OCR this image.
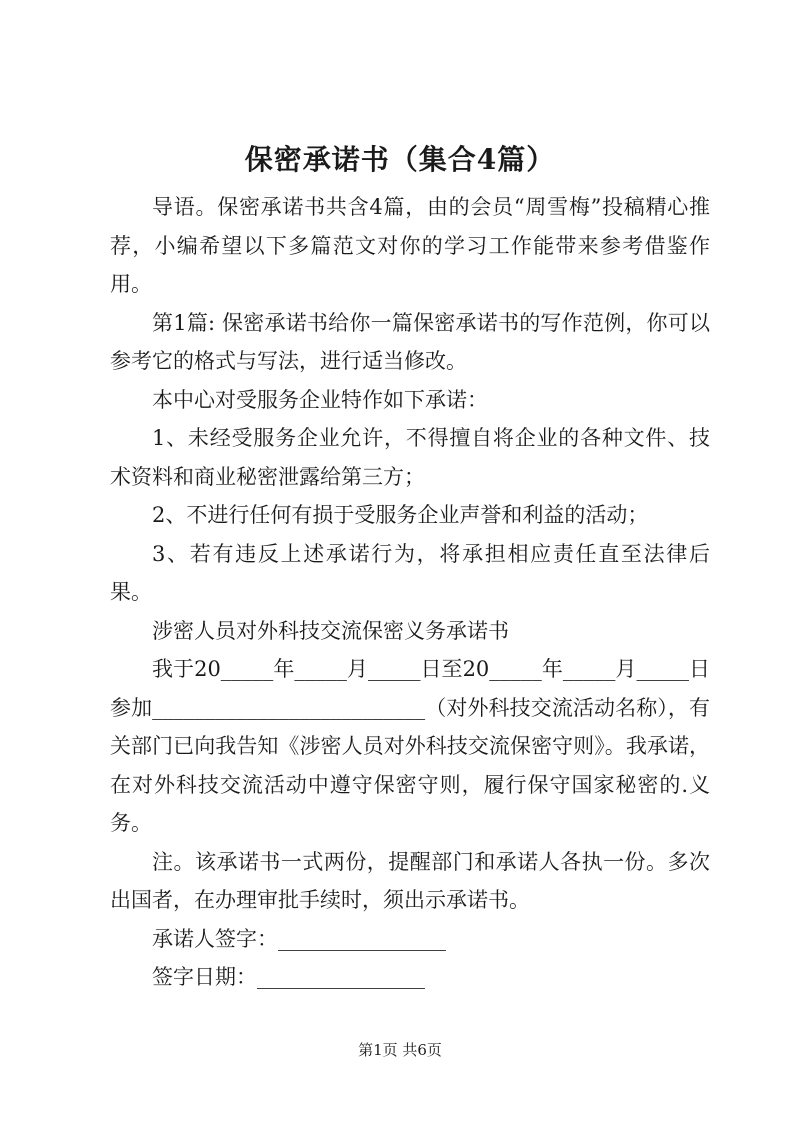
保密承诺书（集合4篇）

导语。保密承诺书共含4篇，由的会员“周雪梅”投稿精心推荐，小编希望以下多篇范文对你的学习工作能带来参考借鉴作用。

第1篇: 保密承诺书给你一篇保密承诺书的写作范例，你可以参考它的格式与写法，进行适当修改。

本中心对受服务企业特作如下承诺：

1、未经受服务企业允许，不得擅自将企业的各种文件、技术资料和商业秘密泄露给第三方；

2、不进行任何有损于受服务企业声誉和利益的活动；

3、若有违反上述承诺行为，将承担相应责任直至法律后果。

涉密人员对外科技交流保密义务承诺书

我于20_____年_____月_____日至20_____年_____月_____日参加__________________________（对外科技交流活动名称），有关部门已向我告知《涉密人员对外科技交流保密守则》。我承诺，在对外科技交流活动中遵守保密守则，履行保守国家秘密的.义务。

注。该承诺书一式两份，提醒部门和承诺人各执一份。多次出国者，在办理审批手续时，须出示承诺书。

承诺人签字：________________

签字日期：________________

第1页 共6页
